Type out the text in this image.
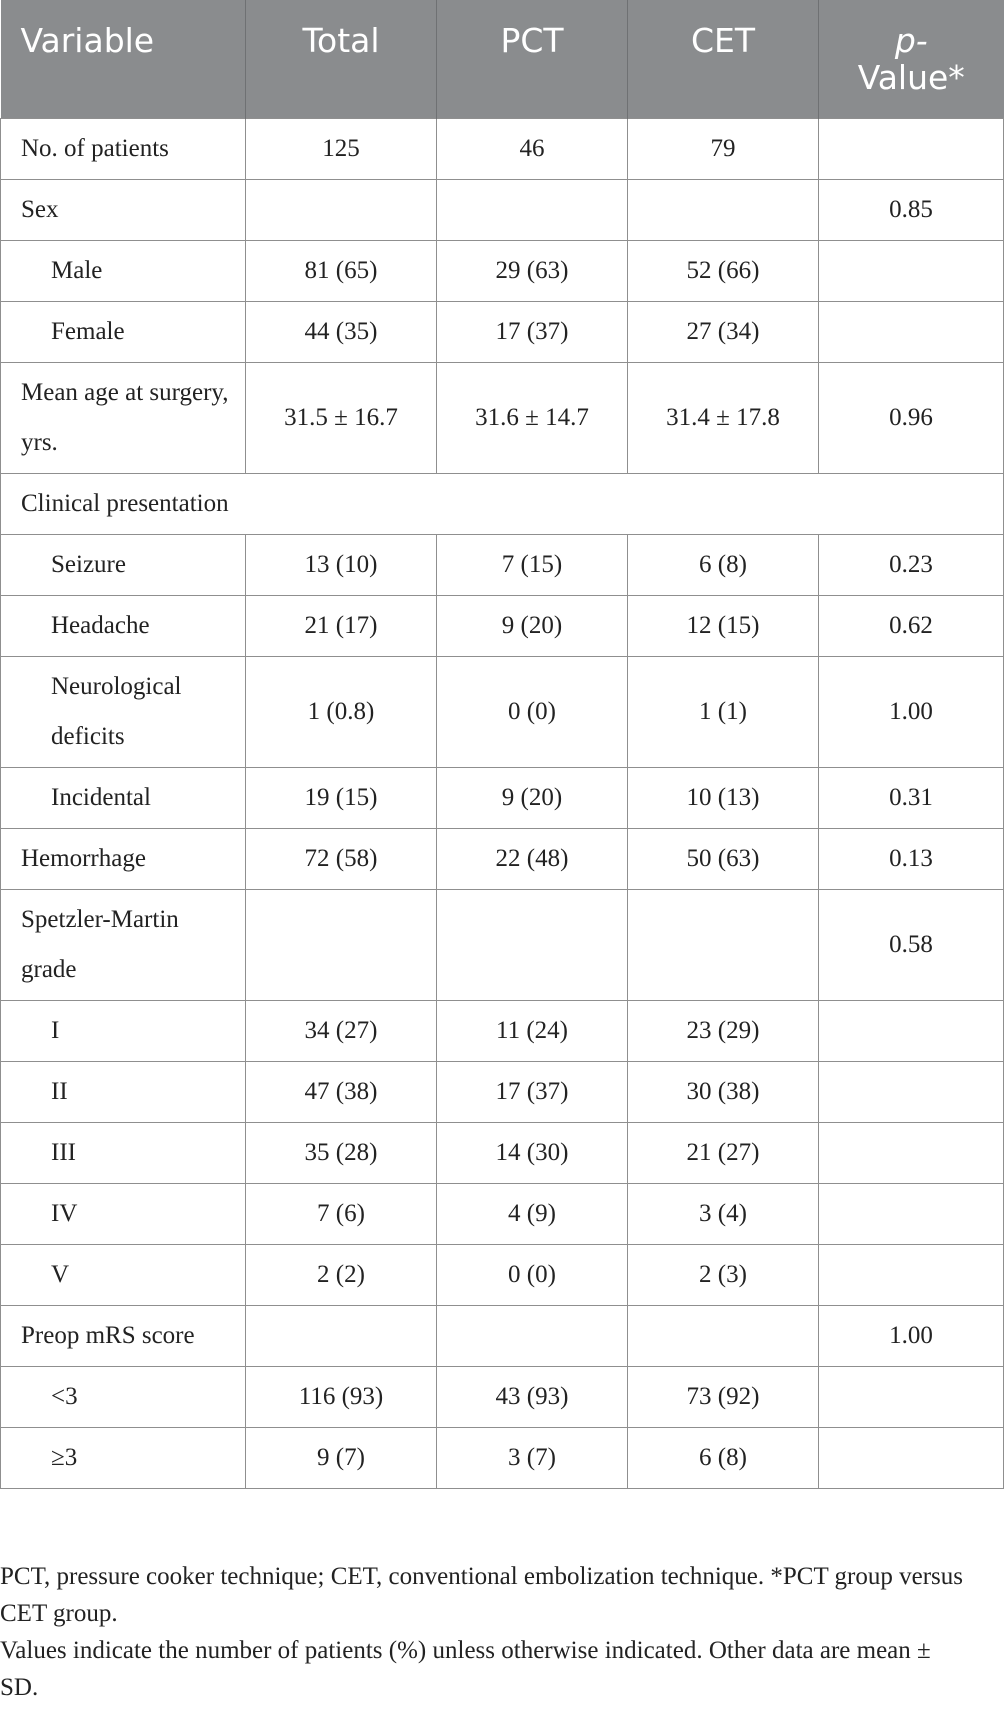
Variable	Total	PCT	CET	p-
Value*
No. of patients	125	46	79	
Sex				0.85
Male	81 (65)	29 (63)	52 (66)	
Female	44 (35)	17 (37)	27 (34)	
Mean age at surgery, yrs.	31.5 ± 16.7	31.6 ± 14.7	31.4 ± 17.8	0.96
Clinical presentation				
Seizure	13 (10)	7 (15)	6 (8)	0.23
Headache	21 (17)	9 (20)	12 (15)	0.62
Neurological deficits	1 (0.8)	0 (0)	1 (1)	1.00
Incidental	19 (15)	9 (20)	10 (13)	0.31
Hemorrhage	72 (58)	22 (48)	50 (63)	0.13
Spetzler-Martin grade				0.58
I	34 (27)	11 (24)	23 (29)	
II	47 (38)	17 (37)	30 (38)	
III	35 (28)	14 (30)	21 (27)	
IV	7 (6)	4 (9)	3 (4)	
V	2 (2)	0 (0)	2 (3)	
Preop mRS score				1.00
<3	116 (93)	43 (93)	73 (92)	
≥3	9 (7)	3 (7)	6 (8)	

PCT, pressure cooker technique; CET, conventional embolization technique. *PCT group versus CET group.

Values indicate the number of patients (%) unless otherwise indicated. Other data are mean ± SD.
